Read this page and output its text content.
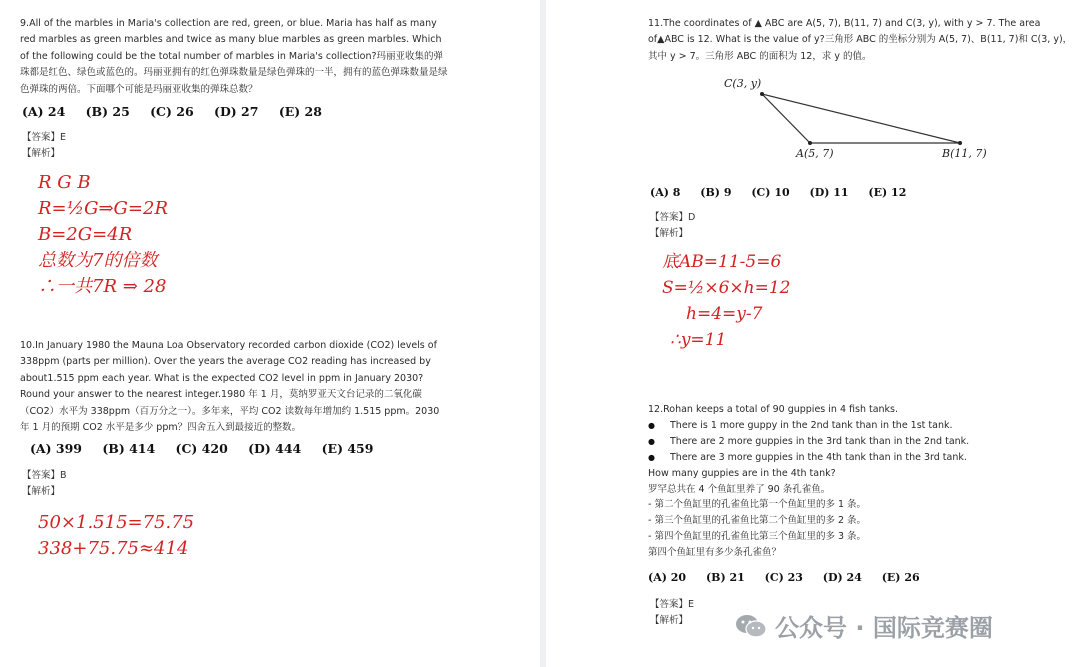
9.All of the marbles in Maria's collection are red, green, or blue. Maria has half as many red marbles as green marbles and twice as many blue marbles as green marbles. Which of the following could be the total number of marbles in Maria's collection?玛丽亚收集的弹珠都是红色、绿色或蓝色的。玛丽亚拥有的红色弹珠数量是绿色弹珠的一半，拥有的蓝色弹珠数量是绿色弹珠的两倍。下面哪个可能是玛丽亚收集的弹珠总数？
(A) 24 (B) 25 (C) 26 (D) 27 (E) 28
【答案】E
【解析】
R G B
R=½G⇒G=2R
B=2G=4R
总数为7的倍数
∴一共7R ⇒ 28
10.In January 1980 the Mauna Loa Observatory recorded carbon dioxide (CO2) levels of 338ppm (parts per million). Over the years the average CO2 reading has increased by about1.515 ppm each year. What is the expected CO2 level in ppm in January 2030? Round your answer to the nearest integer.1980 年 1 月，莫纳罗亚天文台记录的二氧化碳（CO2）水平为 338ppm（百万分之一）。多年来，平均 CO2 读数每年增加约 1.515 ppm。2030 年 1 月的预期 CO2 水平是多少 ppm？四舍五入到最接近的整数。
(A) 399 (B) 414 (C) 420 (D) 444 (E) 459
【答案】B
【解析】
50×1.515=75.75
338+75.75≈414
11.The coordinates of ▲ ABC are A(5, 7), B(11, 7) and C(3, y), with y > 7. The area of▲ABC is 12. What is the value of y?三角形 ABC 的坐标分别为 A(5, 7)、B(11, 7)和 C(3, y)，其中 y > 7。三角形 ABC 的面积为 12，求 y 的值。
C(3, y)
A(5, 7)	B(11, 7)
(A) 8 (B) 9 (C) 10 (D) 11 (E) 12
【答案】D
【解析】
底AB=11-5=6
S=½×6×h=12
h=4=y-7
∴y=11
12.Rohan keeps a total of 90 guppies in 4 fish tanks.
● There is 1 more guppy in the 2nd tank than in the 1st tank.
● There are 2 more guppies in the 3rd tank than in the 2nd tank.
● There are 3 more guppies in the 4th tank than in the 3rd tank.
How many guppies are in the 4th tank?
罗罕总共在 4 个鱼缸里养了 90 条孔雀鱼。
- 第二个鱼缸里的孔雀鱼比第一个鱼缸里的多 1 条。
- 第三个鱼缸里的孔雀鱼比第二个鱼缸里的多 2 条。
- 第四个鱼缸里的孔雀鱼比第三个鱼缸里的多 3 条。
第四个鱼缸里有多少条孔雀鱼？
(A) 20 (B) 21 (C) 23 (D) 24 (E) 26
【答案】E
【解析】	公众号 · 国际竞赛圈
